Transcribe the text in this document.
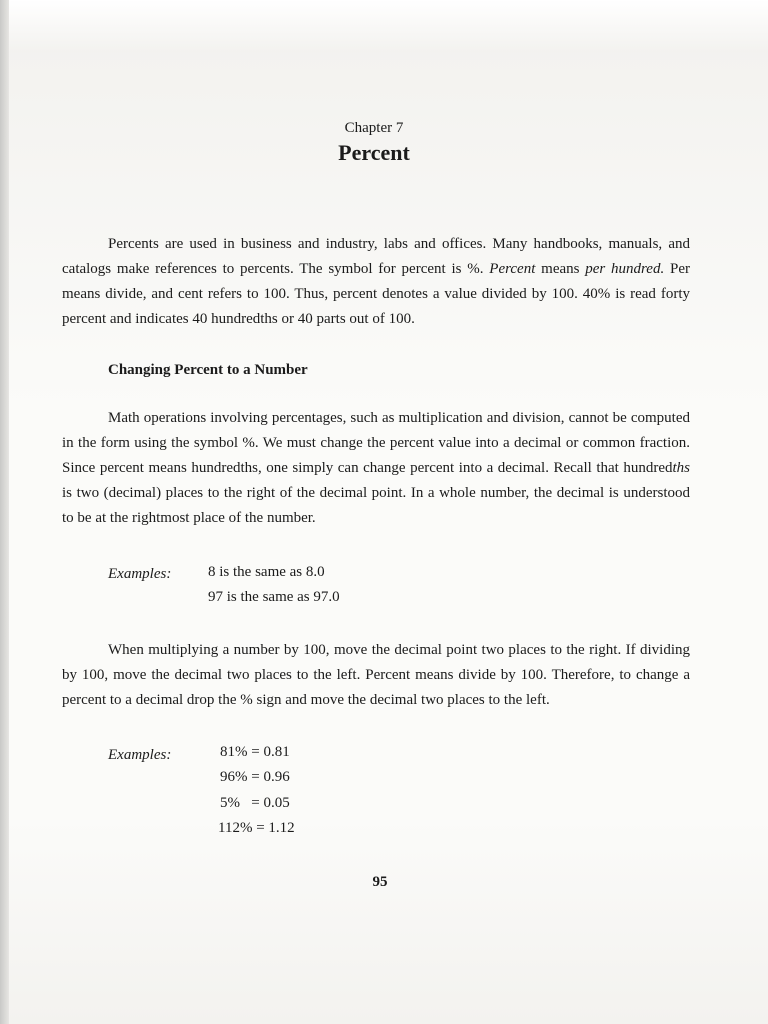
Chapter 7
Percent

Percents are used in business and industry, labs and offices. Many handbooks, manuals, and catalogs make references to percents. The symbol for percent is %. Percent means per hundred. Per means divide, and cent refers to 100. Thus, percent denotes a value divided by 100. 40% is read forty percent and indicates 40 hundredths or 40 parts out of 100.

Changing Percent to a Number

Math operations involving percentages, such as multiplication and division, cannot be computed in the form using the symbol %. We must change the percent value into a decimal or common fraction. Since percent means hundredths, one simply can change percent into a decimal. Recall that hundredths is two (decimal) places to the right of the decimal point. In a whole number, the decimal is understood to be at the rightmost place of the number.

Examples: 8 is the same as 8.0
97 is the same as 97.0

When multiplying a number by 100, move the decimal point two places to the right. If dividing by 100, move the decimal two places to the left. Percent means divide by 100. Therefore, to change a percent to a decimal drop the % sign and move the decimal two places to the left.

Examples:	81% = 0.81
96% = 0.96
5%   = 0.05
112% = 1.12
95
